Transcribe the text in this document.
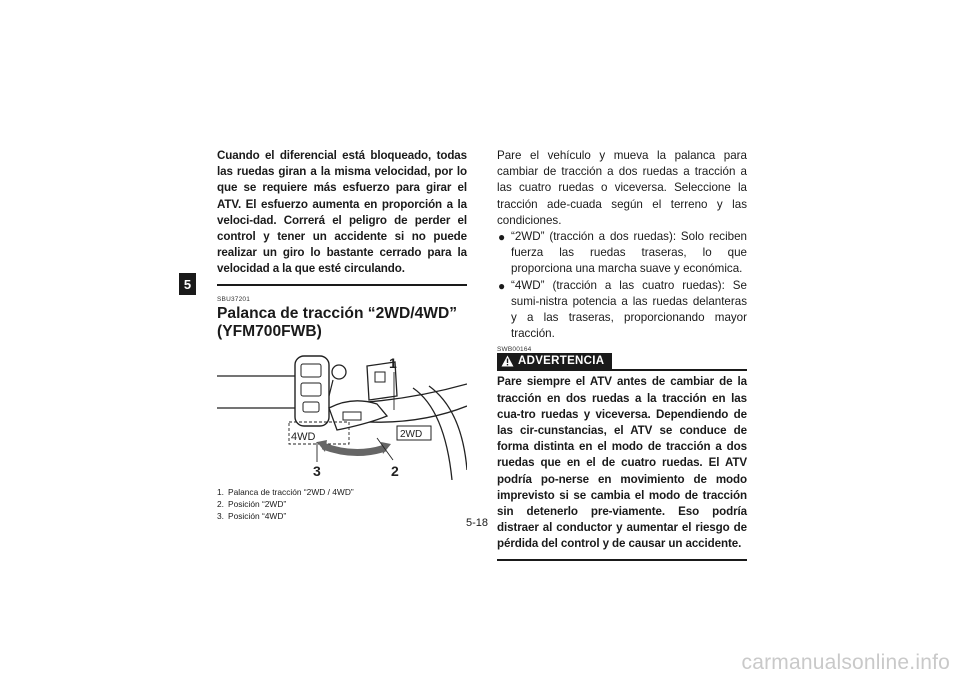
5

Cuando el diferencial está bloqueado, todas las ruedas giran a la misma velocidad, por lo que se requiere más esfuerzo para girar el ATV. El esfuerzo aumenta en proporción a la veloci-dad. Correrá el peligro de perder el control y tener un accidente si no puede realizar un giro lo bastante cerrado para la velocidad a la que esté circulando.

SBU37201

Palanca de tracción “2WD/4WD” (YFM700FWB)
4WD	2WD
1
3	2
1. Palanca de tracción “2WD / 4WD”
2. Posición “2WD”
3. Posición “4WD”

Pare el vehículo y mueva la palanca para cambiar de tracción a dos ruedas a tracción a las cuatro ruedas o viceversa. Seleccione la tracción ade-cuada según el terreno y las condiciones.

● “2WD” (tracción a dos ruedas): Solo reciben fuerza las ruedas traseras, lo que proporciona una marcha suave y económica.
● “4WD” (tracción a las cuatro ruedas): Se sumi-nistra potencia a las ruedas delanteras y a las traseras, proporcionando mayor tracción.

SWB00164

ADVERTENCIA

Pare siempre el ATV antes de cambiar de la tracción en dos ruedas a la tracción en las cua-tro ruedas y viceversa. Dependiendo de las cir-cunstancias, el ATV se conduce de forma distinta en el modo de tracción a dos ruedas que en el de cuatro ruedas. El ATV podría po-nerse en movimiento de modo imprevisto si se cambia el modo de tracción sin detenerlo pre-viamente. Eso podría distraer al conductor y aumentar el riesgo de pérdida del control y de causar un accidente.

5-18
carmanualsonline.info
